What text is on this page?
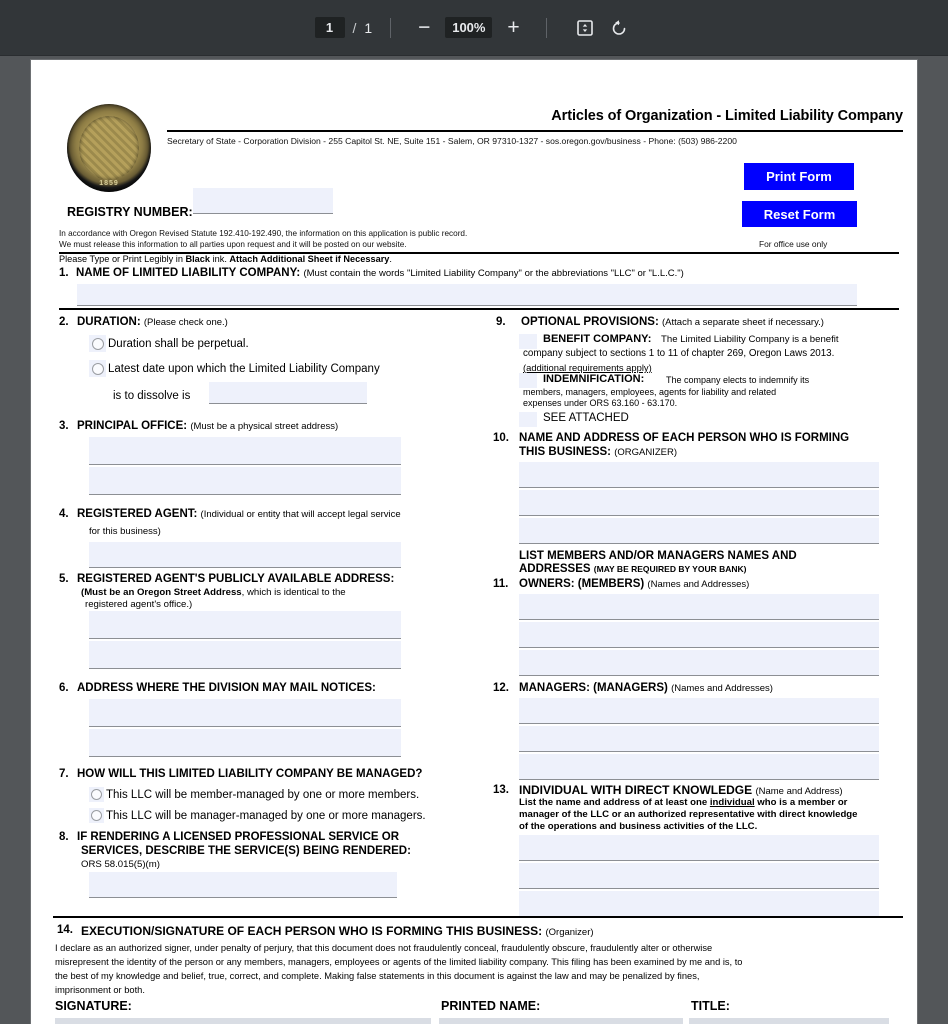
1	/ 1	−	100%	+
1859
Articles of Organization - Limited Liability Company
Secretary of State - Corporation Division - 255 Capitol St. NE, Suite 151 - Salem, OR 97310-1327 - sos.oregon.gov/business - Phone: (503) 986-2200
Print Form
Reset Form
REGISTRY NUMBER:
In accordance with Oregon Revised Statute 192.410-192.490, the information on this application is public record.
We must release this information to all parties upon request and it will be posted on our website.	For office use only
Please Type or Print Legibly in Black ink. Attach Additional Sheet if Necessary.
1. NAME OF LIMITED LIABILITY COMPANY: (Must contain the words "Limited Liability Company" or the abbreviations "LLC" or "L.L.C.")
2. DURATION: (Please check one.)
Duration shall be perpetual.
Latest date upon which the Limited Liability Company
is to dissolve is
3. PRINCIPAL OFFICE: (Must be a physical street address)
4. REGISTERED AGENT: (Individual or entity that will accept legal service
for this business)
5. REGISTERED AGENT'S PUBLICLY AVAILABLE ADDRESS:
(Must be an Oregon Street Address, which is identical to the
registered agent's office.)
6. ADDRESS WHERE THE DIVISION MAY MAIL NOTICES:
7. HOW WILL THIS LIMITED LIABILITY COMPANY BE MANAGED?
This LLC will be member-managed by one or more members.
This LLC will be manager-managed by one or more managers.
8. IF RENDERING A LICENSED PROFESSIONAL SERVICE OR
SERVICES, DESCRIBE THE SERVICE(S) BEING RENDERED:
ORS 58.015(5)(m)
9. OPTIONAL PROVISIONS: (Attach a separate sheet if necessary.)
BENEFIT COMPANY: The Limited Liability Company is a benefit
company subject to sections 1 to 11 of chapter 269, Oregon Laws 2013.
(additional requirements apply)
INDEMNIFICATION: The company elects to indemnify its
members, managers, employees, agents for liability and related
expenses under ORS 63.160 - 63.170.
SEE ATTACHED
10. NAME AND ADDRESS OF EACH PERSON WHO IS FORMING
THIS BUSINESS: (ORGANIZER)
LIST MEMBERS AND/OR MANAGERS NAMES AND
ADDRESSES (MAY BE REQUIRED BY YOUR BANK)
11. OWNERS: (MEMBERS) (Names and Addresses)
12. MANAGERS: (MANAGERS) (Names and Addresses)
13. INDIVIDUAL WITH DIRECT KNOWLEDGE (Name and Address)
List the name and address of at least one individual who is a member or
manager of the LLC or an authorized representative with direct knowledge
of the operations and business activities of the LLC.
14. EXECUTION/SIGNATURE OF EACH PERSON WHO IS FORMING THIS BUSINESS: (Organizer)
I declare as an authorized signer, under penalty of perjury, that this document does not fraudulently conceal, fraudulently obscure, fraudulently alter or otherwise
misrepresent the identity of the person or any members, managers, employees or agents of the limited liability company. This filing has been examined by me and is, to
the best of my knowledge and belief, true, correct, and complete. Making false statements in this document is against the law and may be penalized by fines,
imprisonment or both.
SIGNATURE:	PRINTED NAME:	TITLE:
